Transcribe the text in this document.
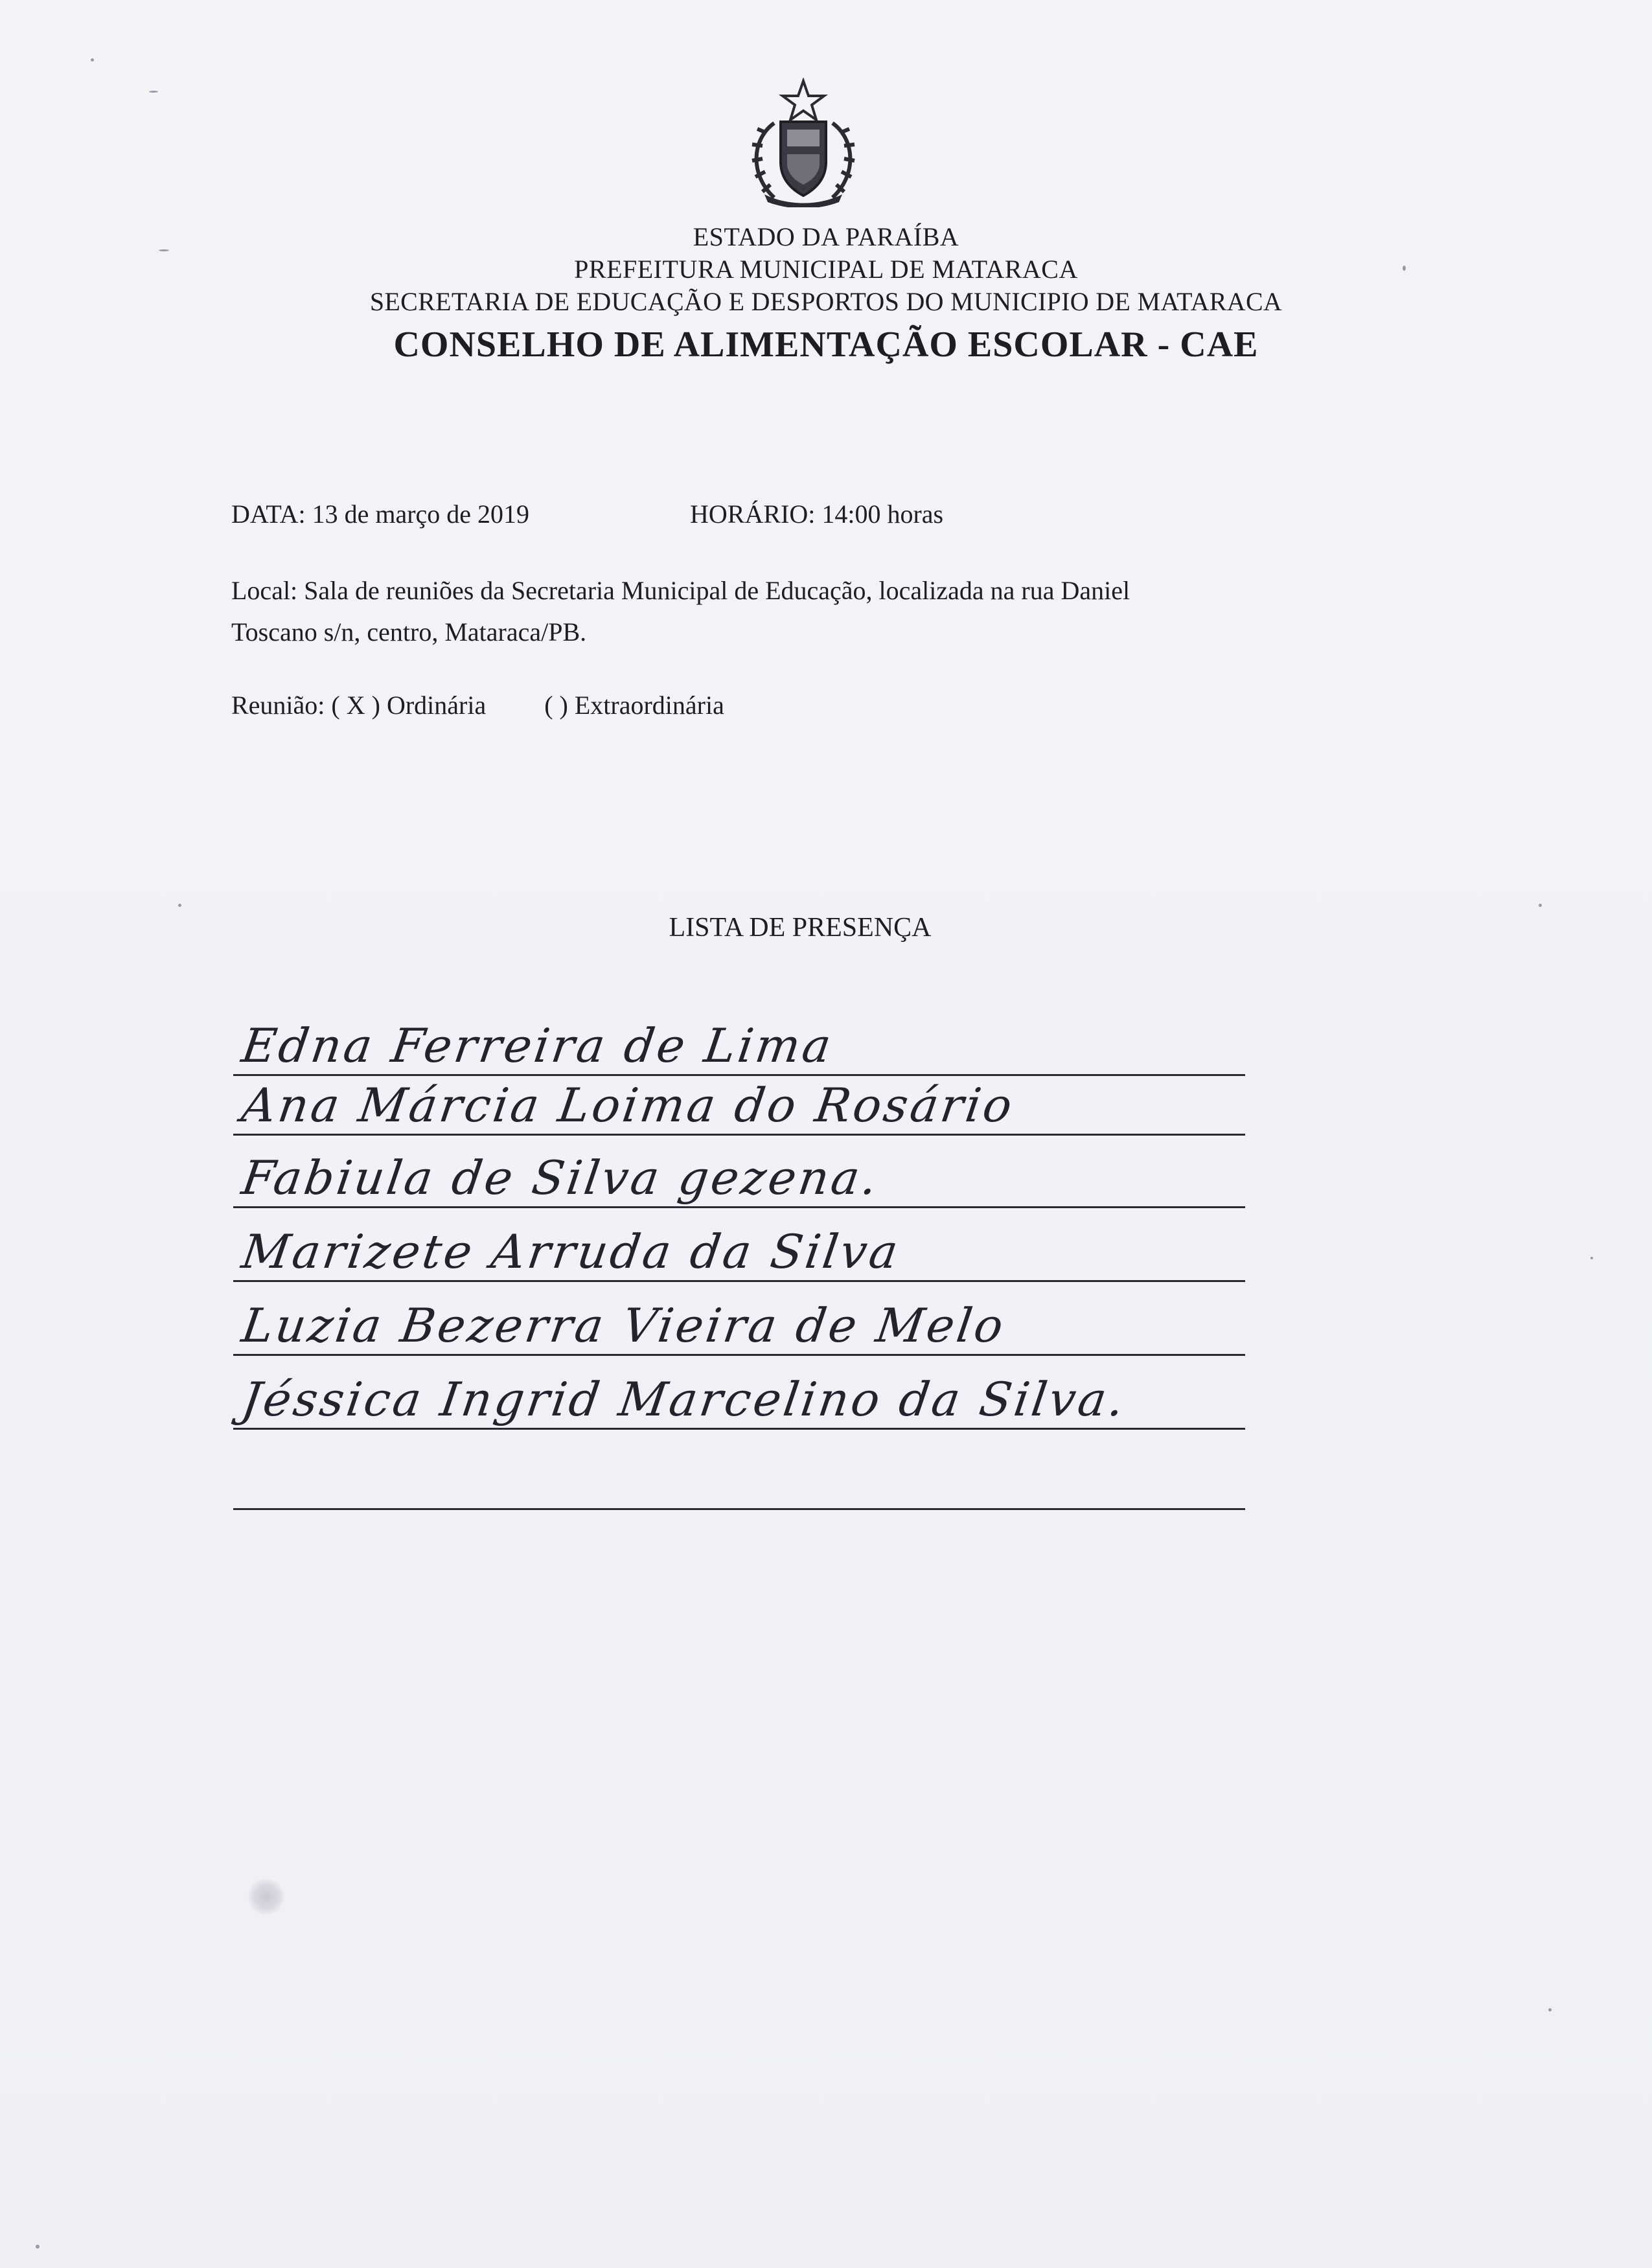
ESTADO DA PARAÍBA
PREFEITURA MUNICIPAL DE MATARACA
SECRETARIA DE EDUCAÇÃO E DESPORTOS DO MUNICIPIO DE MATARACA
CONSELHO DE ALIMENTAÇÃO ESCOLAR - CAE
DATA: 13 de março de 2019	HORÁRIO: 14:00 horas
Local: Sala de reuniões da Secretaria Municipal de Educação, localizada na rua Daniel
Toscano s/n, centro, Mataraca/PB.
Reunião: ( X ) Ordinária ( ) Extraordinária
LISTA DE PRESENÇA
Edna Ferreira de Lima
Ana Márcia Loima do Rosário
Fabiula de Silva gezena.
Marizete Arruda da Silva
Luzia Bezerra Vieira de Melo
Jéssica Ingrid Marcelino da Silva.
